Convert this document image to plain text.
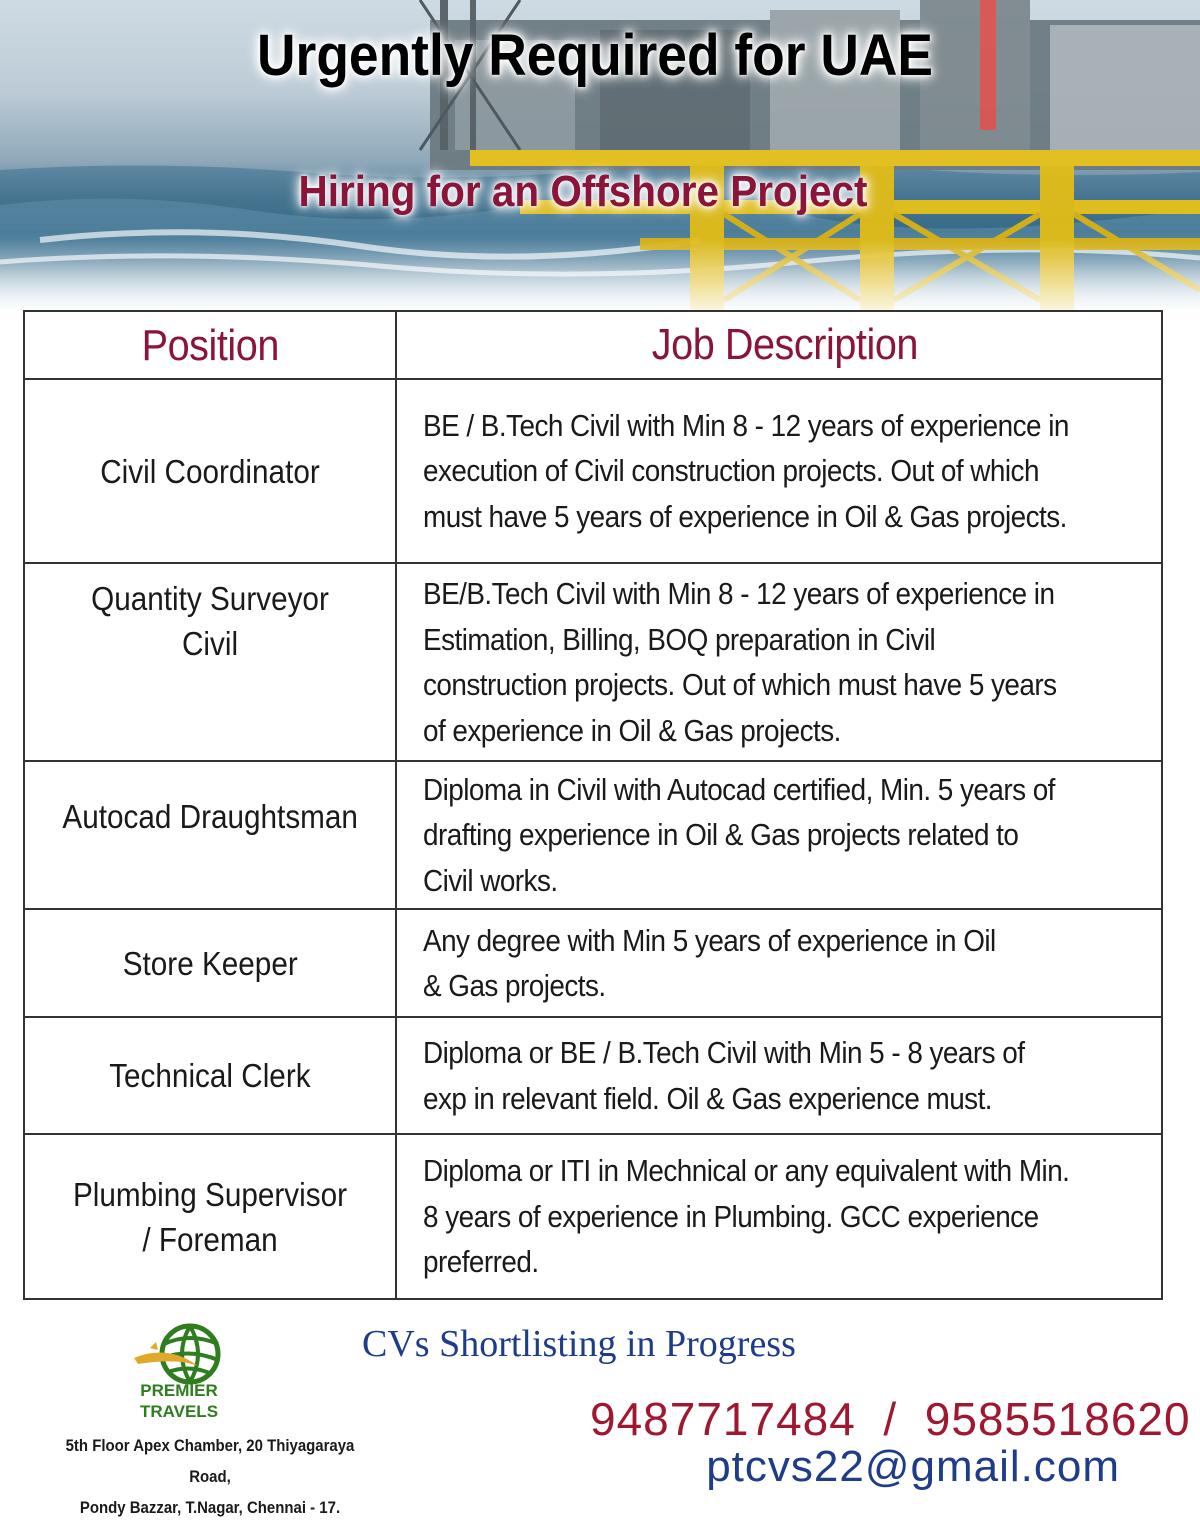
Urgently Required for UAE
Hiring for an Offshore Project
Position	Job Description
Civil Coordinator
BE / B.Tech Civil with Min 8 - 12 years of experience in execution of Civil construction projects. Out of which must have 5 years of experience in Oil & Gas projects.
Quantity Surveyor Civil
BE/B.Tech Civil with Min 8 - 12 years of experience in Estimation, Billing, BOQ preparation in Civil construction projects. Out of which must have 5 years of experience in Oil & Gas projects.
Autocad Draughtsman
Diploma in Civil with Autocad certified, Min. 5 years of drafting experience in Oil & Gas projects related to Civil works.
Store Keeper
Any degree with Min 5 years of experience in Oil & Gas projects.
Technical Clerk
Diploma or BE / B.Tech Civil with Min 5 - 8 years of exp in relevant field. Oil & Gas experience must.
Plumbing Supervisor / Foreman
Diploma or ITI in Mechnical or any equivalent with Min. 8 years of experience in Plumbing. GCC experience preferred.
PREMIER
TRAVELS
5th Floor Apex Chamber, 20 Thiyagaraya Road,
Pondy Bazzar, T.Nagar, Chennai - 17.
CVs Shortlisting in Progress
9487717484  /  9585518620
ptcvs22@gmail.com
